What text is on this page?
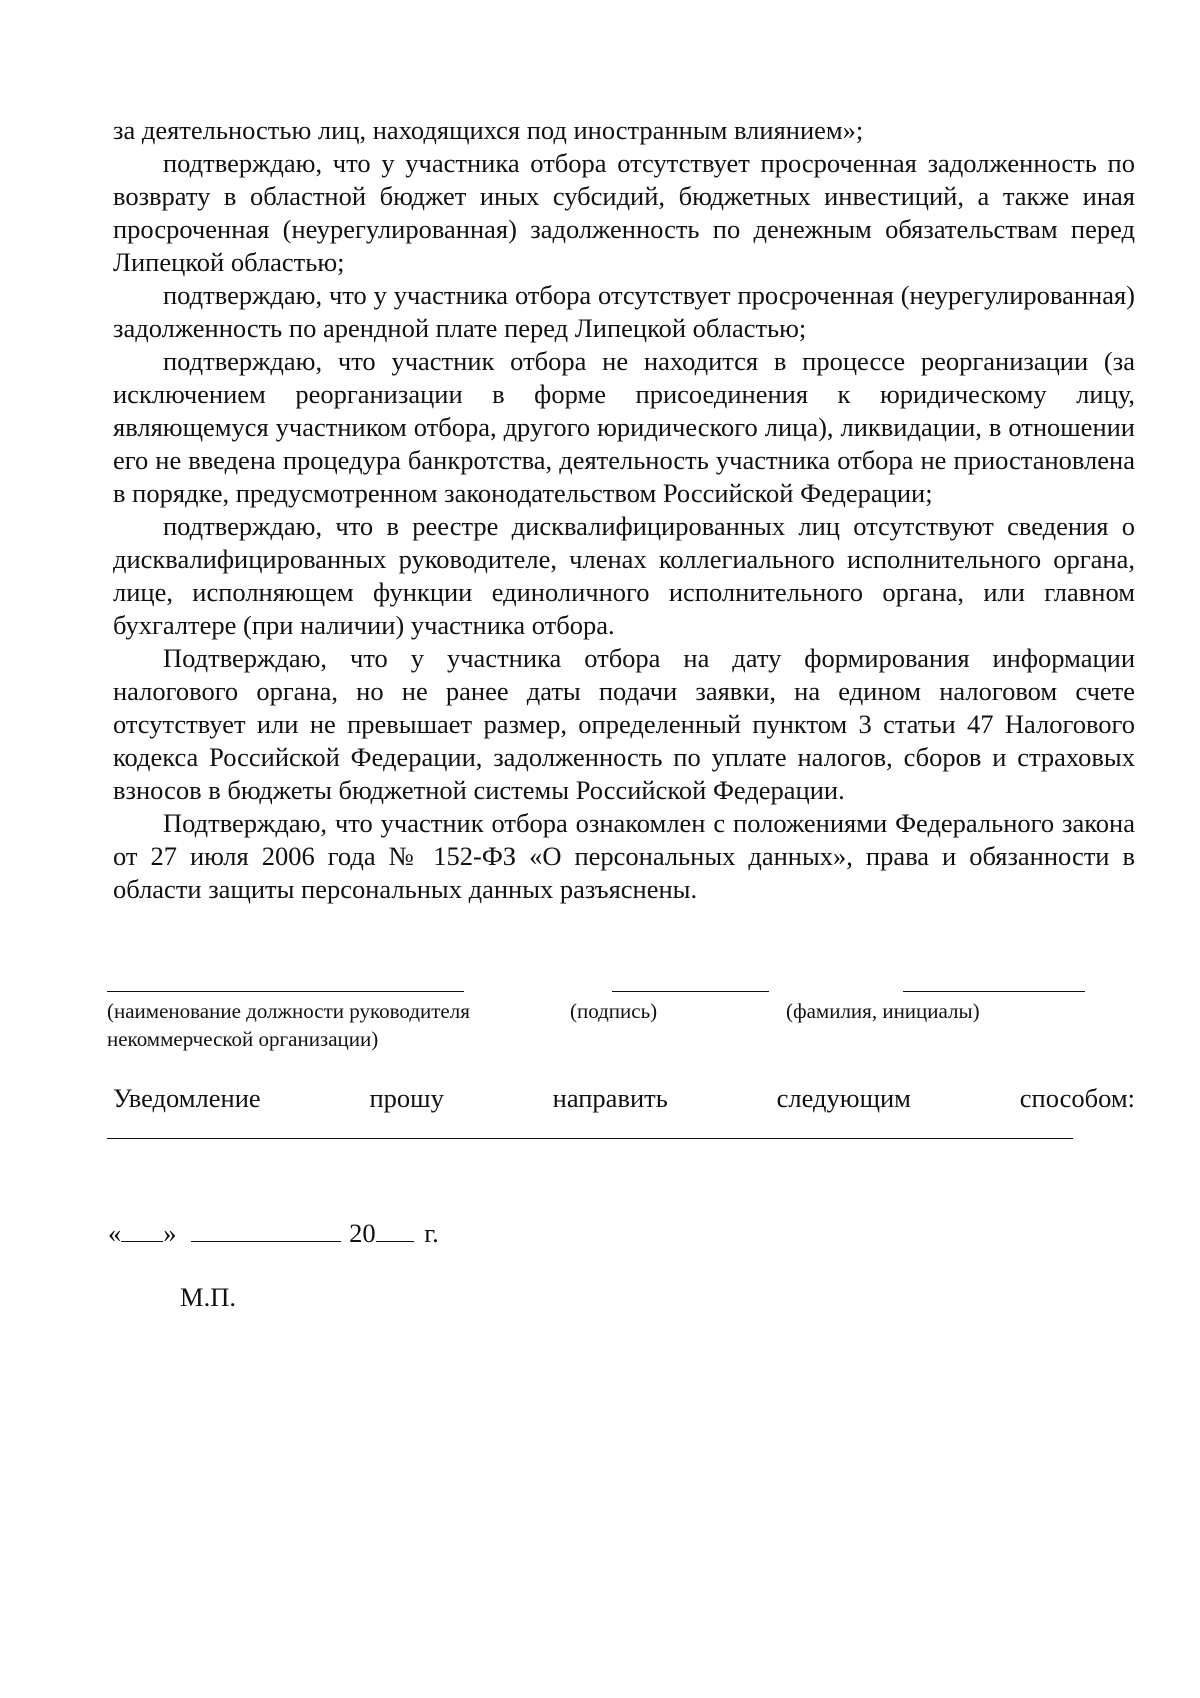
за деятельностью лиц, находящихся под иностранным влиянием»;

подтверждаю, что у участника отбора отсутствует просроченная задолженность по возврату в областной бюджет иных субсидий, бюджетных инвестиций, а также иная просроченная (неурегулированная) задолженность по денежным обязательствам перед Липецкой областью;

подтверждаю, что у участника отбора отсутствует просроченная (неурегулированная) задолженность по арендной плате перед Липецкой областью;

подтверждаю, что участник отбора не находится в процессе реорганизации (за исключением реорганизации в форме присоединения к юридическому лицу, являющемуся участником отбора, другого юридического лица), ликвидации, в отношении его не введена процедура банкротства, деятельность участника отбора не приостановлена в порядке, предусмотренном законодательством Российской Федерации;

подтверждаю, что в реестре дисквалифицированных лиц отсутствуют сведения о дисквалифицированных руководителе, членах коллегиального исполнительного органа, лице, исполняющем функции единоличного исполнительного органа, или главном бухгалтере (при наличии) участника отбора.

Подтверждаю, что у участника отбора на дату формирования информации налогового органа, но не ранее даты подачи заявки, на едином налоговом счете отсутствует или не превышает размер, определенный пунктом 3 статьи 47 Налогового кодекса Российской Федерации, задолженность по уплате налогов, сборов и страховых взносов в бюджеты бюджетной системы Российской Федерации.

Подтверждаю, что участник отбора ознакомлен с положениями Федерального закона от 27 июля 2006 года № 152-ФЗ «О персональных данных», права и обязанности в области защиты персональных данных разъяснены.

(наименование должности руководителя
некоммерческой организации)
(подпись)	(фамилия, инициалы)
Уведомление	прошу	направить	следующим	способом:
« »	20 г.
М.П.
